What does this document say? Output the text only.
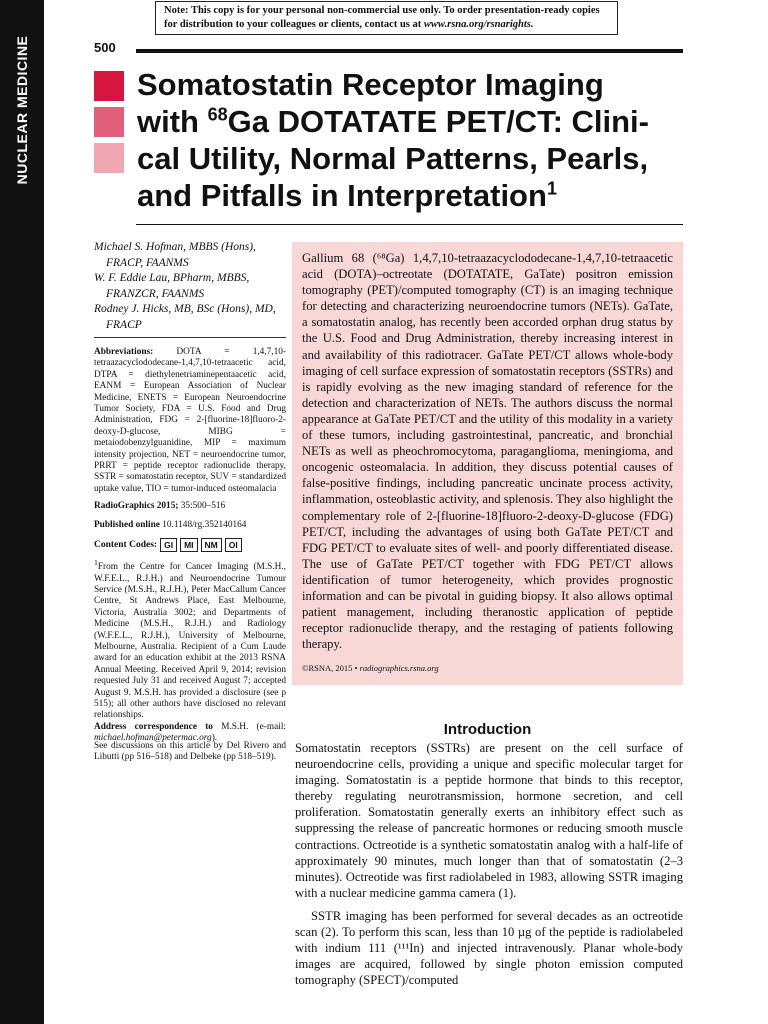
NUCLEAR MEDICINE
Note: This copy is for your personal non-commercial use only. To order presentation-ready copies for distribution to your colleagues or clients, contact us at www.rsna.org/rsnarights.
500
Somatostatin Receptor Imaging
with $^{68}$Ga DOTATATE PET/CT: Clini-
cal Utility, Normal Patterns, Pearls,
and Pitfalls in Interpretation$^1$
Michael S. Hofman, MBBS (Hons), FRACP, FAANMS
W. F. Eddie Lau, BPharm, MBBS, FRANZCR, FAANMS
Rodney J. Hicks, MB, BSc (Hons), MD, FRACP
Abbreviations: DOTA = 1,4,7,10-tetraazacyclododecane-1,4,7,10-tetraacetic acid, DTPA = diethylenetriaminepentaacetic acid, EANM = European Association of Nuclear Medicine, ENETS = European Neuroendocrine Tumor Society, FDA = U.S. Food and Drug Administration, FDG = 2-[fluorine-18]fluoro-2-deoxy-D-glucose, MIBG = metaiodobenzylguanidine, MIP = maximum intensity projection, NET = neuroendocrine tumor, PRRT = peptide receptor radionuclide therapy, SSTR = somatostatin receptor, SUV = standardized uptake value, TIO = tumor-induced osteomalacia
RadioGraphics 2015; 35:500–516
Published online 10.1148/rg.352140164
Content Codes: GI	MI	NM	OI
$^1$From the Centre for Cancer Imaging (M.S.H., W.F.E.L., R.J.H.) and Neuroendocrine Tumour Service (M.S.H., R.J.H.), Peter MacCallum Cancer Centre, St Andrews Place, East Melbourne, Victoria, Australia 3002; and Departments of Medicine (M.S.H., R.J.H.) and Radiology (W.F.E.L., R.J.H.), University of Melbourne, Melbourne, Australia. Recipient of a Cum Laude award for an education exhibit at the 2013 RSNA Annual Meeting. Received April 9, 2014; revision requested July 31 and received August 7; accepted August 9. M.S.H. has provided a disclosure (see p 515); all other authors have disclosed no relevant relationships.
Address correspondence to M.S.H. (e-mail: michael.hofman@petermac.org).
See discussions on this article by Del Rivero and Libutti (pp 516–518) and Delbeke (pp 518–519).
Gallium 68 (⁶⁸Ga) 1,4,7,10-tetraazacyclododecane-1,4,7,10-tetraacetic acid (DOTA)–octreotate (DOTATATE, GaTate) positron emission tomography (PET)/computed tomography (CT) is an imaging technique for detecting and characterizing neuroendocrine tumors (NETs). GaTate, a somatostatin analog, has recently been accorded orphan drug status by the U.S. Food and Drug Administration, thereby increasing interest in and availability of this radiotracer. GaTate PET/CT allows whole-body imaging of cell surface expression of somatostatin receptors (SSTRs) and is rapidly evolving as the new imaging standard of reference for the detection and characterization of NETs. The authors discuss the normal appearance at GaTate PET/CT and the utility of this modality in a variety of these tumors, including gastrointestinal, pancreatic, and bronchial NETs as well as pheochromocytoma, paraganglioma, meningioma, and oncogenic osteomalacia. In addition, they discuss potential causes of false-positive findings, including pancreatic uncinate process activity, inflammation, osteoblastic activity, and splenosis. They also highlight the complementary role of 2-[fluorine-18]fluoro-2-deoxy-D-glucose (FDG) PET/CT, including the advantages of using both GaTate PET/CT and FDG PET/CT to evaluate sites of well- and poorly differentiated disease. The use of GaTate PET/CT together with FDG PET/CT allows identification of tumor heterogeneity, which provides prognostic information and can be pivotal in guiding biopsy. It also allows optimal patient management, including theranostic application of peptide receptor radionuclide therapy, and the restaging of patients following therapy.
©RSNA, 2015 • radiographics.rsna.org
Introduction

Somatostatin receptors (SSTRs) are present on the cell surface of neuroendocrine cells, providing a unique and specific molecular target for imaging. Somatostatin is a peptide hormone that binds to this receptor, thereby regulating neurotransmission, hormone secretion, and cell proliferation. Somatostatin generally exerts an inhibitory effect such as suppressing the release of pancreatic hormones or reducing smooth muscle contractions. Octreotide is a synthetic somatostatin analog with a half-life of approximately 90 minutes, much longer than that of somatostatin (2–3 minutes). Octreotide was first radiolabeled in 1983, allowing SSTR imaging with a nuclear medicine gamma camera (1).

SSTR imaging has been performed for several decades as an octreotide scan (2). To perform this scan, less than 10 µg of the peptide is radiolabeled with indium 111 (¹¹¹In) and injected intravenously. Planar whole-body images are acquired, followed by single photon emission computed tomography (SPECT)/computed
